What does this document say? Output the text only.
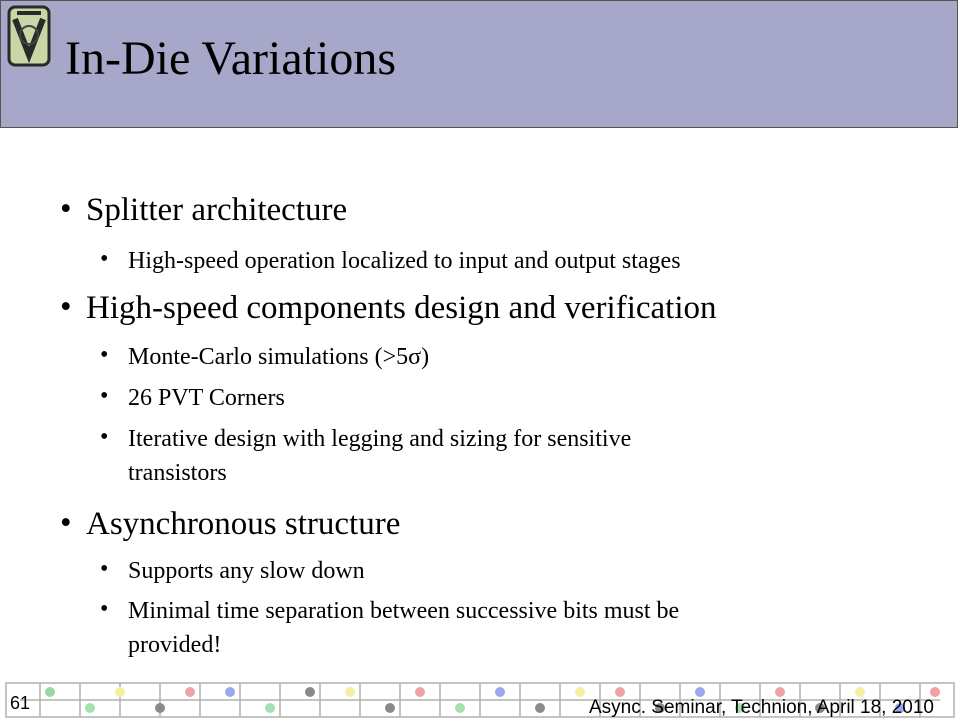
In-Die Variations
• Splitter architecture
• High-speed operation localized to input and output stages
• High-speed components design and verification
• Monte-Carlo simulations (>5σ)
• 26 PVT Corners
• Iterative design with legging and sizing for sensitive
transistors
• Asynchronous structure
• Supports any slow down
• Minimal time separation between successive bits must be
provided!
61	Async. Seminar, Technion, April 18, 2010
